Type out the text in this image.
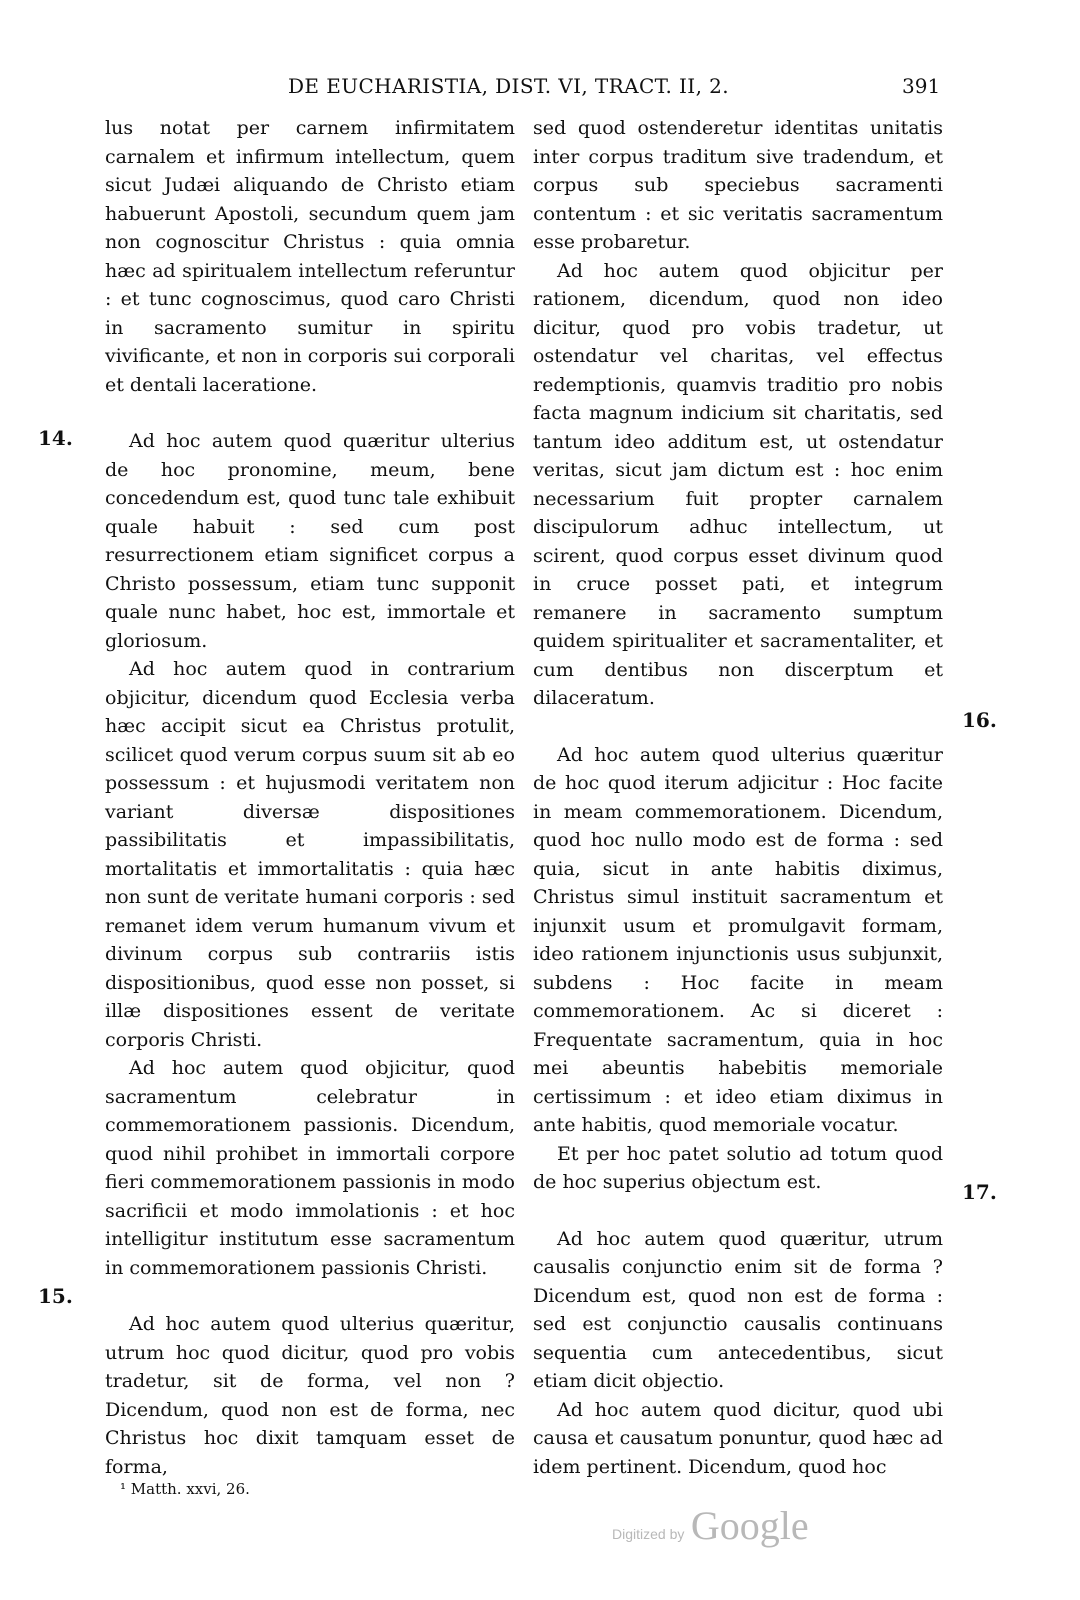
DE EUCHARISTIA, DIST. VI, TRACT. II, 2.	391
14.
15.
16.
17.

lus notat per carnem infirmitatem carnalem et infirmum intellectum, quem sicut Judæi aliquando de Christo etiam habuerunt Apostoli, secundum quem jam non cognoscitur Christus : quia omnia hæc ad spiritualem intellectum referuntur : et tunc cognoscimus, quod caro Christi in sacramento sumitur in spiritu vivificante, et non in corporis sui corporali et dentali laceratione.

Ad hoc autem quod quæritur ulterius de hoc pronomine, meum, bene concedendum est, quod tunc tale exhibuit quale habuit : sed cum post resurrectionem etiam significet corpus a Christo possessum, etiam tunc supponit quale nunc habet, hoc est, immortale et gloriosum.

Ad hoc autem quod in contrarium objicitur, dicendum quod Ecclesia verba hæc accipit sicut ea Christus protulit, scilicet quod verum corpus suum sit ab eo possessum : et hujusmodi veritatem non variant diversæ dispositiones passibilitatis et impassibilitatis, mortalitatis et immortalitatis : quia hæc non sunt de veritate humani corporis : sed remanet idem verum humanum vivum et divinum corpus sub contrariis istis dispositionibus, quod esse non posset, si illæ dispositiones essent de veritate corporis Christi.

Ad hoc autem quod objicitur, quod sacramentum celebratur in commemorationem passionis. Dicendum, quod nihil prohibet in immortali corpore fieri commemorationem passionis in modo sacrificii et modo immolationis : et hoc intelligitur institutum esse sacramentum in commemorationem passionis Christi.

Ad hoc autem quod ulterius quæritur, utrum hoc quod dicitur, quod pro vobis tradetur, sit de forma, vel non ? Dicendum, quod non est de forma, nec Christus hoc dixit tamquam esset de forma,

sed quod ostenderetur identitas unitatis inter corpus traditum sive tradendum, et corpus sub speciebus sacramenti contentum : et sic veritatis sacramentum esse probaretur.

Ad hoc autem quod objicitur per rationem, dicendum, quod non ideo dicitur, quod pro vobis tradetur, ut ostendatur vel charitas, vel effectus redemptionis, quamvis traditio pro nobis facta magnum indicium sit charitatis, sed tantum ideo additum est, ut ostendatur veritas, sicut jam dictum est : hoc enim necessarium fuit propter carnalem discipulorum adhuc intellectum, ut scirent, quod corpus esset divinum quod in cruce posset pati, et integrum remanere in sacramento sumptum quidem spiritualiter et sacramentaliter, et cum dentibus non discerptum et dilaceratum.

Ad hoc autem quod ulterius quæritur de hoc quod iterum adjicitur : Hoc facite in meam commemorationem. Dicendum, quod hoc nullo modo est de forma : sed quia, sicut in ante habitis diximus, Christus simul instituit sacramentum et injunxit usum et promulgavit formam, ideo rationem injunctionis usus subjunxit, subdens : Hoc facite in meam commemorationem. Ac si diceret : Frequentate sacramentum, quia in hoc mei abeuntis habebitis memoriale certissimum : et ideo etiam diximus in ante habitis, quod memoriale vocatur.

Et per hoc patet solutio ad totum quod de hoc superius objectum est.

Ad hoc autem quod quæritur, utrum causalis conjunctio enim sit de forma ? Dicendum est, quod non est de forma : sed est conjunctio causalis continuans sequentia cum antecedentibus, sicut etiam dicit objectio.

Ad hoc autem quod dicitur, quod ubi causa et causatum ponuntur, quod hæc ad idem pertinent. Dicendum, quod hoc

¹ Matth. xxvi, 26.
Digitized by Google
